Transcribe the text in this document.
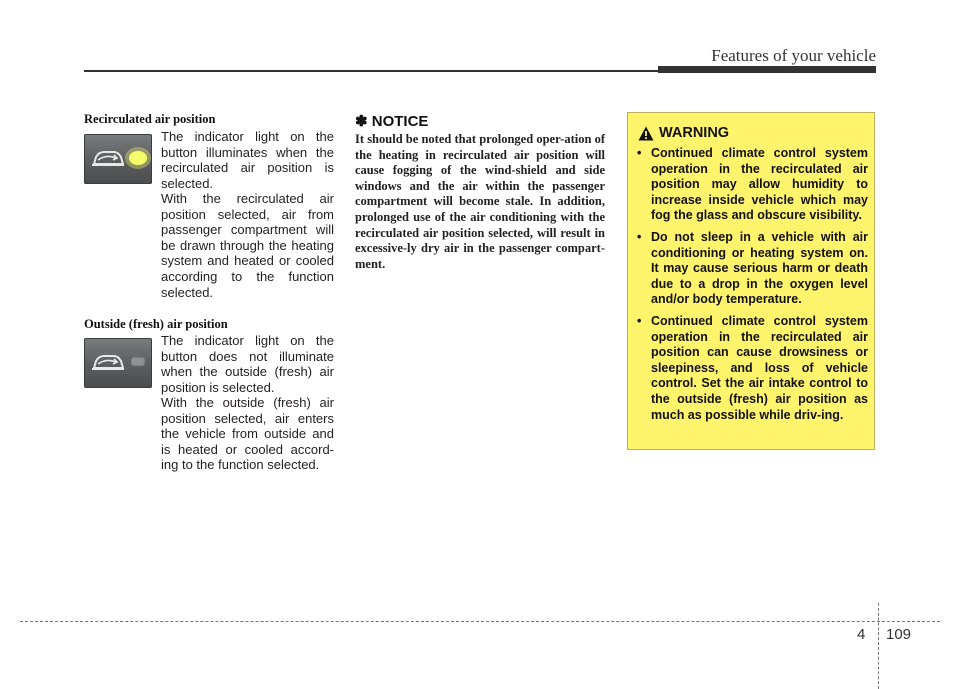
Features of your vehicle
Recirculated air position

The indicator light on the button illuminates when the recirculated air position is selected.

With the recirculated air position selected, air from passenger compartment will be drawn through the heating system and heated or cooled according to the function selected.

Outside (fresh) air position

The indicator light on the button does not illuminate when the outside (fresh) air position is selected.

With the outside (fresh) air position selected, air enters the vehicle from outside and is heated or cooled accord-ing to the function selected.

✽ NOTICE

It should be noted that prolonged oper-ation of the heating in recirculated air position will cause fogging of the wind-shield and side windows and the air within the passenger compartment will become stale. In addition, prolonged use of the air conditioning with the recirculated air position selected, will result in excessive-ly dry air in the passenger compart-ment.

WARNING
• Continued climate control system operation in the recirculated air position may allow humidity to increase inside vehicle which may fog the glass and obscure visibility.
• Do not sleep in a vehicle with air conditioning or heating system on. It may cause serious harm or death due to a drop in the oxygen level and/or body temperature.
• Continued climate control system operation in the recirculated air position can cause drowsiness or sleepiness, and loss of vehicle control. Set the air intake control to the outside (fresh) air position as much as possible while driv-ing.
4 109
